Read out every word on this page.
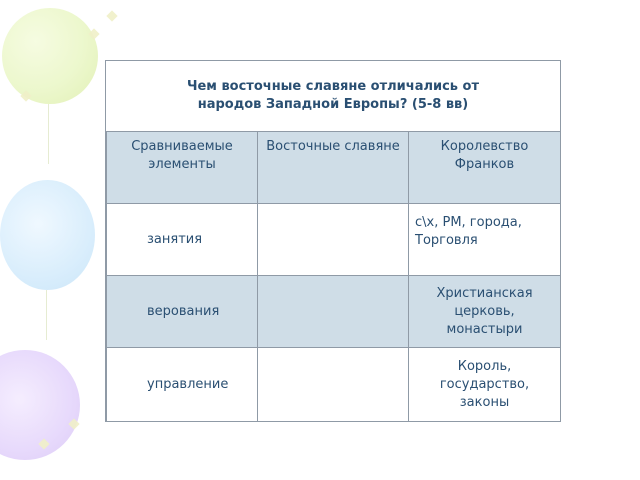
Чем восточные славяне отличались от народов Западной Европы? (5-8 вв)
Сравниваемые элементы	Восточные славяне	Королевство Франков
занятия		с\х, РМ, города, Торговля
верования		Христианская церковь, монастыри
управление		Король, государство, законы
